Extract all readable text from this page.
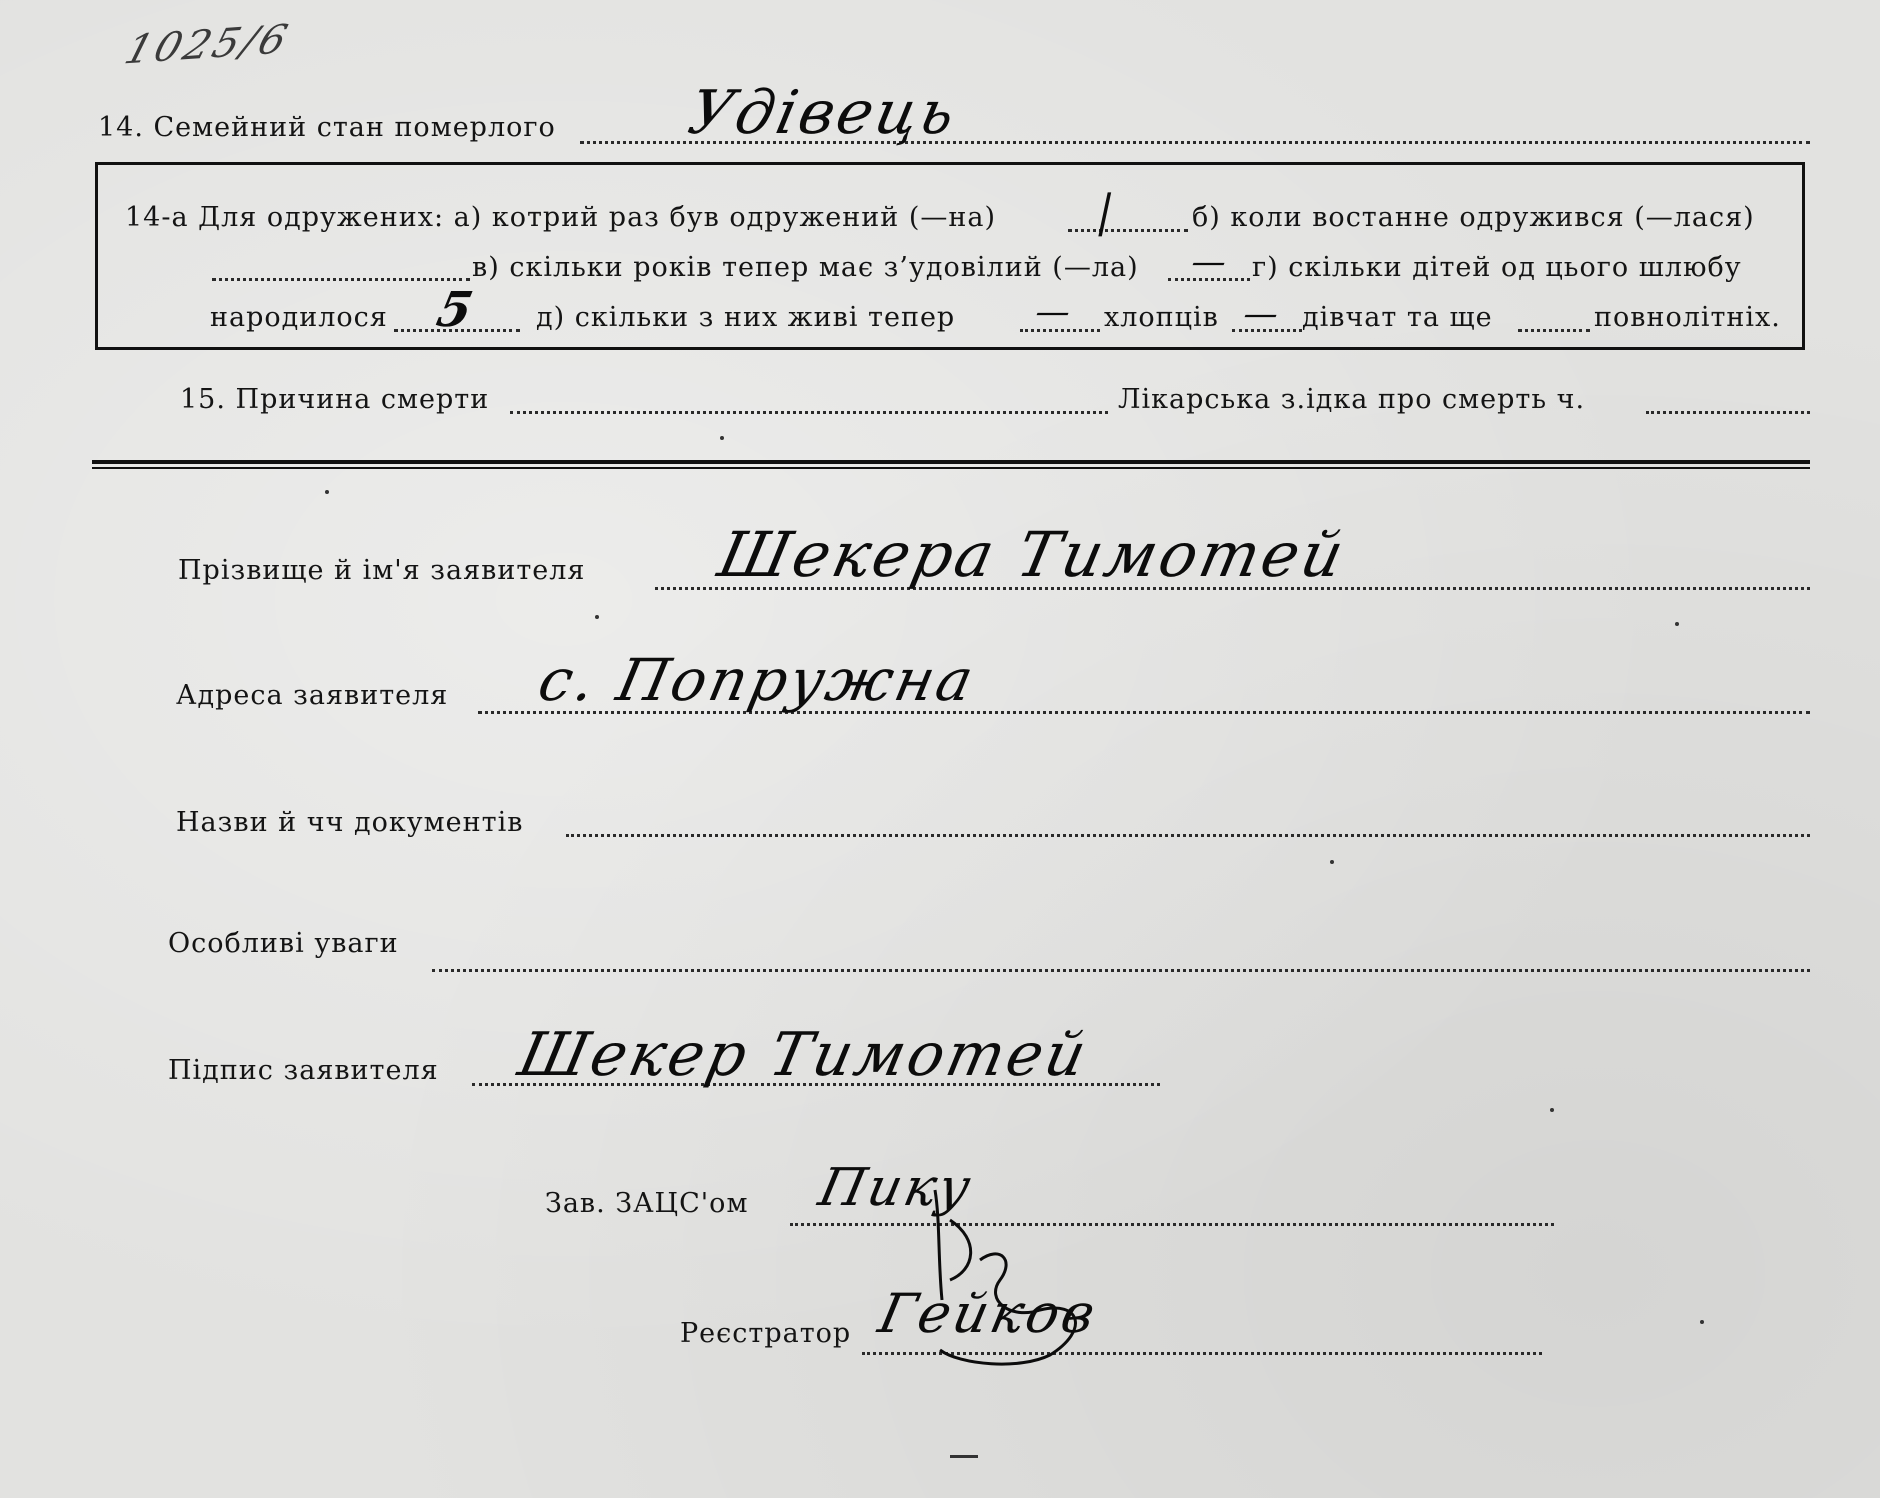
1025/6
14. Семейний стан померлого Удівець
14-а Для одружених: а) котрий раз був одружений (—на) |	б) коли востанне одружився (—лася)
в) скільки років тепер має з’удовілий (—ла) — г) скільки дітей од цього шлюбу
народилося 5 д) скільки з них живі тепер — хлопців — дівчат та ще	повнолітніх.
15. Причина смерти	Лікарська з.ідка про смерть ч.
Прізвище й ім'я заявителя Шекера Тимотей
Адреса заявителя с. Попружна
Назви й чч документів
Особливі уваги
Підпис заявителя Шекер Тимотей
Зав. ЗАЦС'ом Пику
Реєстратор Гейков
